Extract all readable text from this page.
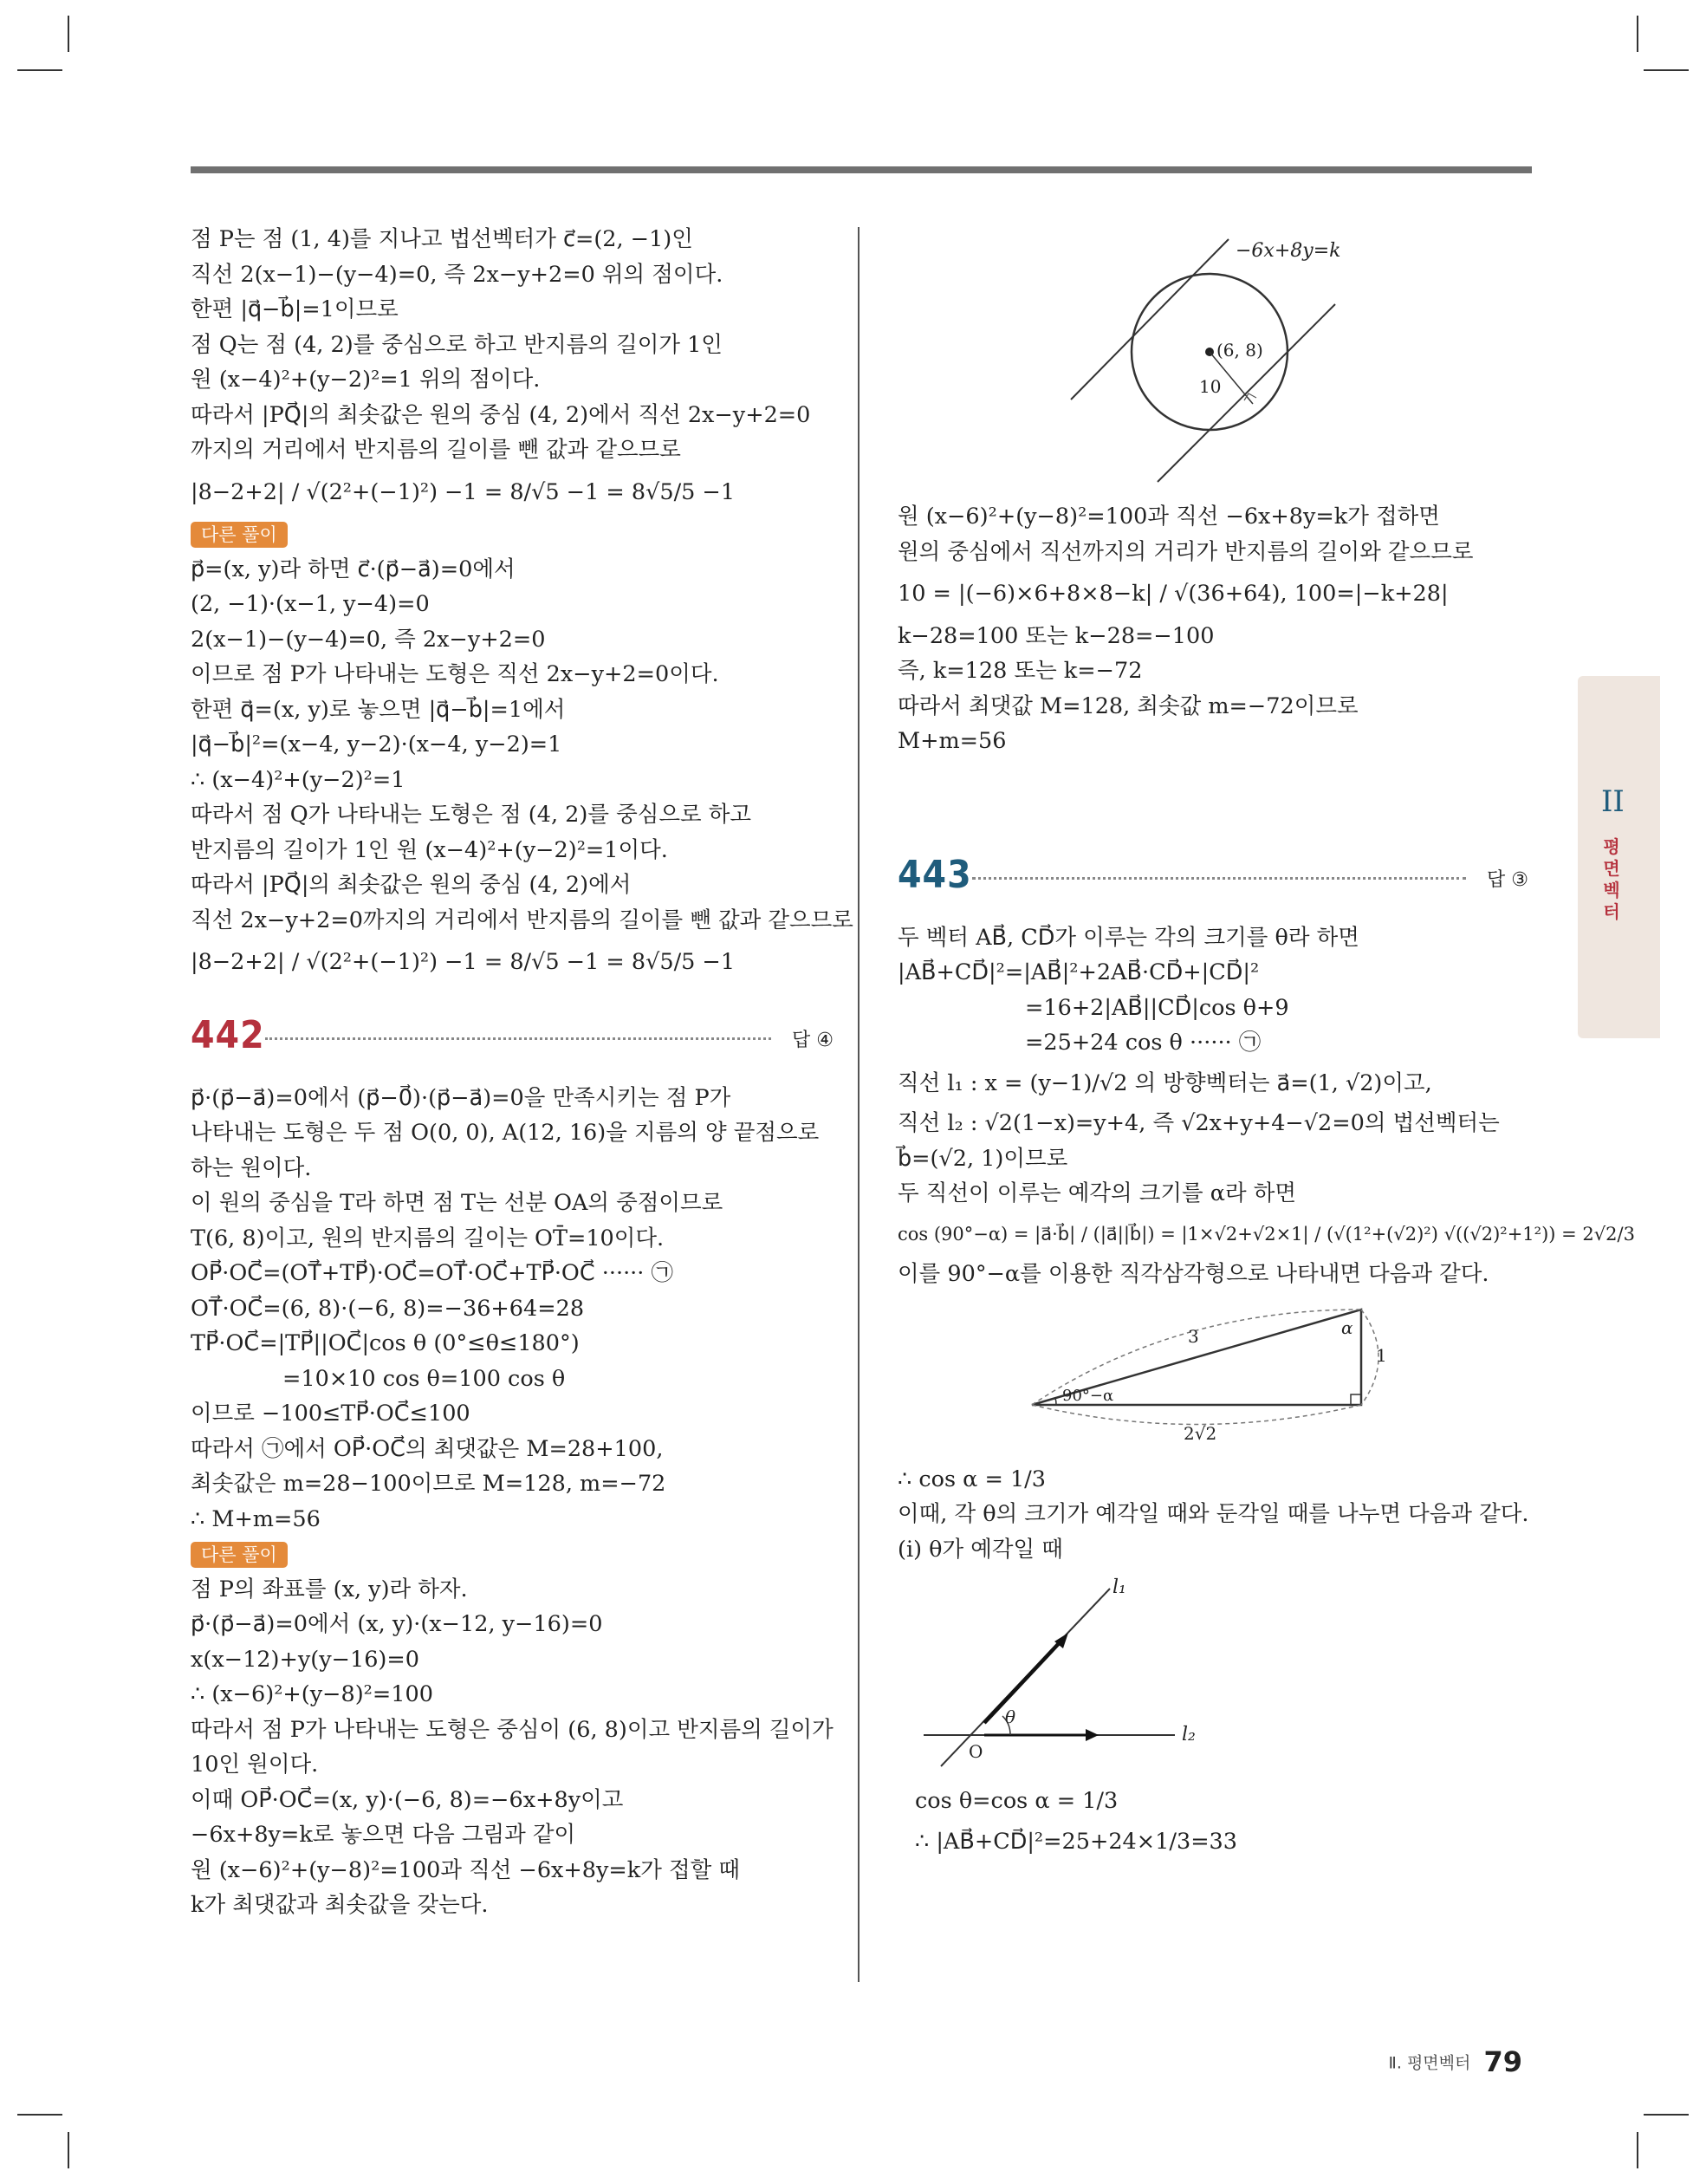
점 P는 점 (1, 4)를 지나고 법선벡터가 c⃗=(2, −1)인
직선 2(x−1)−(y−4)=0, 즉 2x−y+2=0 위의 점이다.
한편 |q⃗−b⃗|=1이므로
점 Q는 점 (4, 2)를 중심으로 하고 반지름의 길이가 1인
원 (x−4)²+(y−2)²=1 위의 점이다.
따라서 |PQ⃗|의 최솟값은 원의 중심 (4, 2)에서 직선 2x−y+2=0
까지의 거리에서 반지름의 길이를 뺀 값과 같으므로
|8−2+2| / √(2²+(−1)²) −1 = 8/√5 −1 = 8√5/5 −1
다른 풀이
p⃗=(x, y)라 하면 c⃗·(p⃗−a⃗)=0에서
(2, −1)·(x−1, y−4)=0
2(x−1)−(y−4)=0, 즉 2x−y+2=0
이므로 점 P가 나타내는 도형은 직선 2x−y+2=0이다.
한편 q⃗=(x, y)로 놓으면 |q⃗−b⃗|=1에서
|q⃗−b⃗|²=(x−4, y−2)·(x−4, y−2)=1
∴ (x−4)²+(y−2)²=1
따라서 점 Q가 나타내는 도형은 점 (4, 2)를 중심으로 하고
반지름의 길이가 1인 원 (x−4)²+(y−2)²=1이다.
따라서 |PQ⃗|의 최솟값은 원의 중심 (4, 2)에서
직선 2x−y+2=0까지의 거리에서 반지름의 길이를 뺀 값과 같으므로
|8−2+2| / √(2²+(−1)²) −1 = 8/√5 −1 = 8√5/5 −1
442	답 ④
p⃗·(p⃗−a⃗)=0에서 (p⃗−0⃗)·(p⃗−a⃗)=0을 만족시키는 점 P가
나타내는 도형은 두 점 O(0, 0), A(12, 16)을 지름의 양 끝점으로
하는 원이다.
이 원의 중심을 T라 하면 점 T는 선분 OA의 중점이므로
T(6, 8)이고, 원의 반지름의 길이는 OT̄=10이다.
OP⃗·OC⃗=(OT⃗+TP⃗)·OC⃗=OT⃗·OC⃗+TP⃗·OC⃗ ······ ㉠
OT⃗·OC⃗=(6, 8)·(−6, 8)=−36+64=28
TP⃗·OC⃗=|TP⃗||OC⃗|cos θ (0°≤θ≤180°)
=10×10 cos θ=100 cos θ
이므로 −100≤TP⃗·OC⃗≤100
따라서 ㉠에서 OP⃗·OC⃗의 최댓값은 M=28+100,
최솟값은 m=28−100이므로 M=128, m=−72
∴ M+m=56
다른 풀이
점 P의 좌표를 (x, y)라 하자.
p⃗·(p⃗−a⃗)=0에서 (x, y)·(x−12, y−16)=0
x(x−12)+y(y−16)=0
∴ (x−6)²+(y−8)²=100
따라서 점 P가 나타내는 도형은 중심이 (6, 8)이고 반지름의 길이가
10인 원이다.
이때 OP⃗·OC⃗=(x, y)·(−6, 8)=−6x+8y이고
−6x+8y=k로 놓으면 다음 그림과 같이
원 (x−6)²+(y−8)²=100과 직선 −6x+8y=k가 접할 때
k가 최댓값과 최솟값을 갖는다.
−6x+8y=k
(6, 8)
10
원 (x−6)²+(y−8)²=100과 직선 −6x+8y=k가 접하면
원의 중심에서 직선까지의 거리가 반지름의 길이와 같으므로
10 = |(−6)×6+8×8−k| / √(36+64), 100=|−k+28|
k−28=100 또는 k−28=−100
즉, k=128 또는 k=−72
따라서 최댓값 M=128, 최솟값 m=−72이므로
M+m=56
443	답 ③
두 벡터 AB⃗, CD⃗가 이루는 각의 크기를 θ라 하면
|AB⃗+CD⃗|²=|AB⃗|²+2AB⃗·CD⃗+|CD⃗|²
=16+2|AB⃗||CD⃗|cos θ+9
=25+24 cos θ ······ ㉠
직선 l₁ : x = (y−1)/√2 의 방향벡터는 a⃗=(1, √2)이고,
직선 l₂ : √2(1−x)=y+4, 즉 √2x+y+4−√2=0의 법선벡터는
b⃗=(√2, 1)이므로
두 직선이 이루는 예각의 크기를 α라 하면
cos (90°−α) = |a⃗·b⃗| / (|a⃗||b⃗|) = |1×√2+√2×1| / (√(1²+(√2)²) √((√2)²+1²)) = 2√2/3
이를 90°−α를 이용한 직각삼각형으로 나타내면 다음과 같다.
3
1
2√2
α
90°−α
∴ cos α = 1/3
이때, 각 θ의 크기가 예각일 때와 둔각일 때를 나누면 다음과 같다.
(i) θ가 예각일 때
l₁
l₂
θ
O
cos θ=cos α = 1/3
∴ |AB⃗+CD⃗|²=25+24×1/3=33
II
평면벡터
Ⅱ. 평면벡터 79
